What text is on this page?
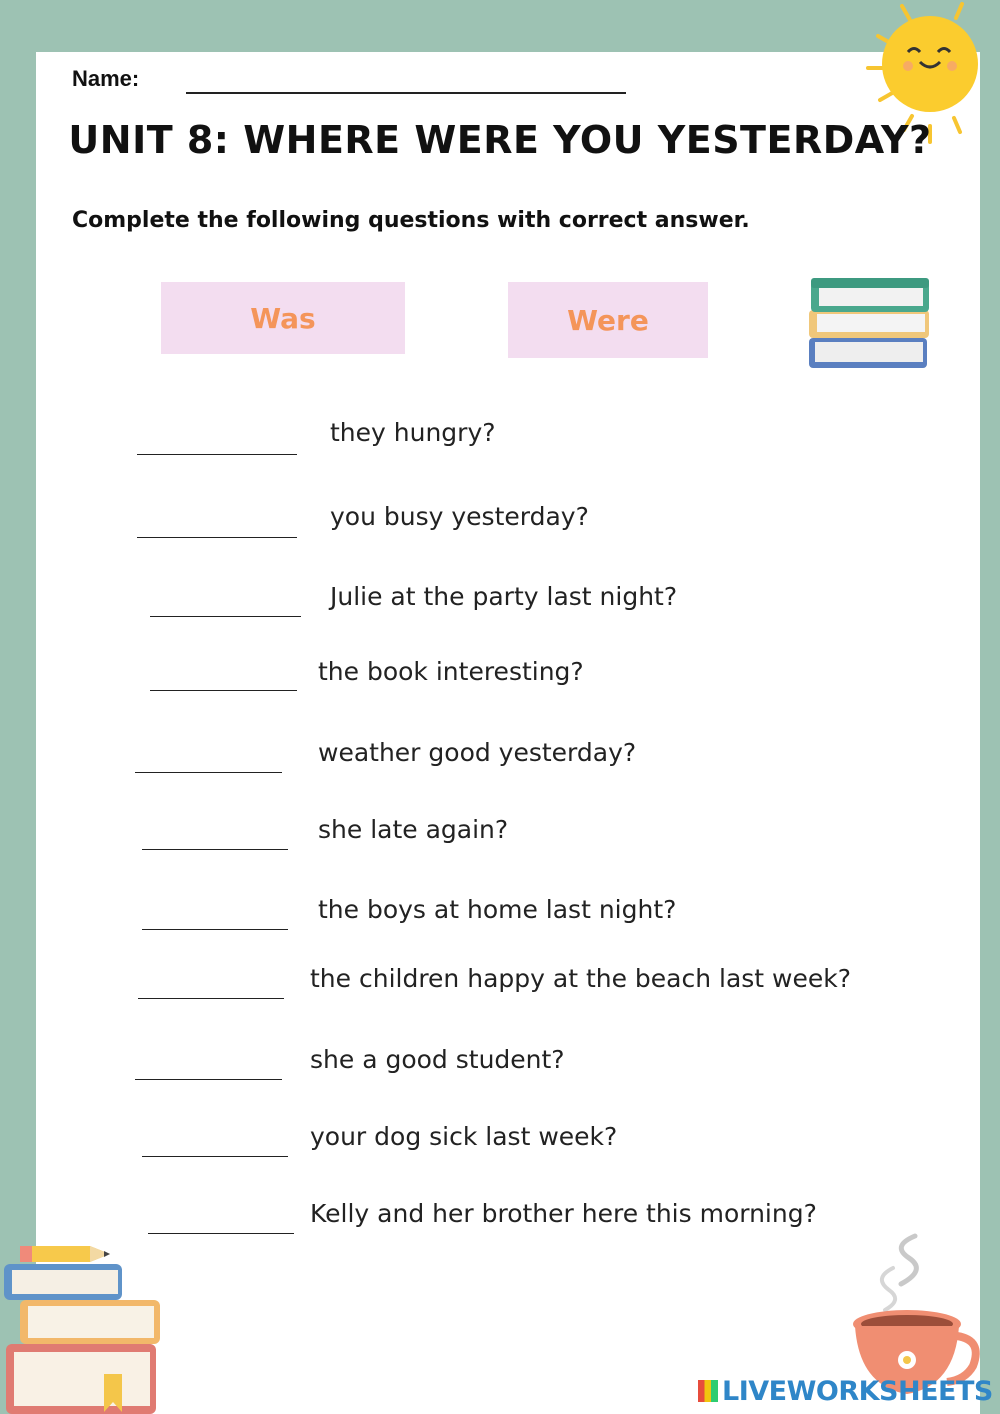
Name:
UNIT 8: WHERE WERE YOU YESTERDAY?
Complete the following questions with correct answer.
Was	Were
they hungry?
you busy yesterday?
Julie at the party last night?
the book interesting?
weather good yesterday?
she late again?
the boys at home last night?
the children happy at the beach last week?
she a good student?
your dog sick last week?
Kelly and her brother here this morning?
LIVEWORKSHEETS
